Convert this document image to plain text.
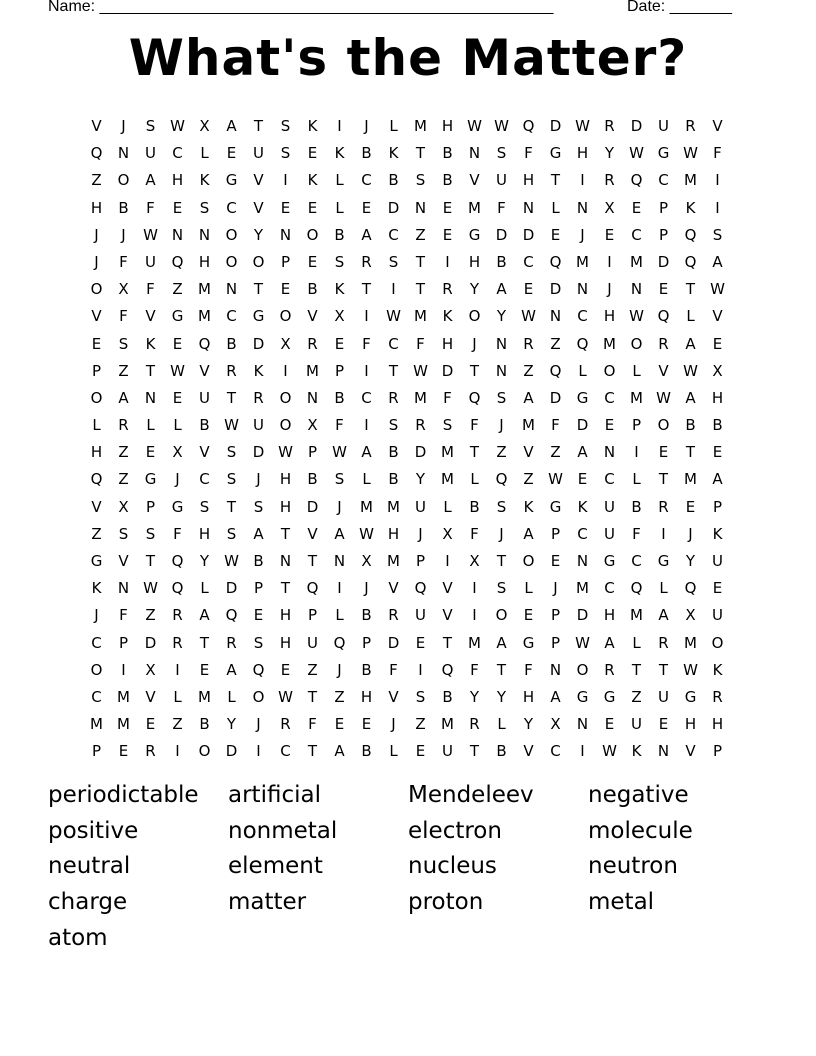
Name: ___________________________________________________	Date: _______
What's the Matter?
V	J	S W X	A	T	S	K	I	J	L	M H W W Q	D W R	D	U	R	V
Q	N	U	C	L	E	U	S	E	K	B	K	T	B	N	S	F	G	H	Y	W G W	F
Z	O	A	H	K	G	V	I	K	L	C	B	S	B	V	U	H	T	I	R	Q	C	M	I
H	B	F	E	S	C	V	E	E	L	E	D	N	E	M	F	N	L	N	X	E	P	K	I
J	J	W N	N	O	Y	N	O	B	A	C	Z	E	G	D	D	E	J	E	C	P	Q	S
J	F	U	Q	H	O	O	P	E	S	R	S	T	I	H	B	C	Q M	I	M D	Q	A
O	X	F	Z	M N	T	E	B	K	T	I	T	R	Y	A	E	D	N	J	N	E	T	W
V	F	V	G M	C	G	O	V	X	I	W M	K	O	Y	W N	C	H W Q	L	V
E	S	K	E	Q	B	D	X	R	E	F	C	F	H	J	N	R	Z	Q M O	R	A	E
P	Z	T	W V	R	K	I	M	P	I	T	W D	T	N	Z	Q	L	O	L	V W X
O	A	N	E	U	T	R	O	N	B	C	R	M	F	Q	S	A	D	G	C	M W A	H
L	R	L	L	B W U	O	X	F	I	S	R	S	F	J	M	F	D	E	P	O	B	B
H	Z	E	X	V	S	D W	P	W A	B	D M	T	Z	V	Z	A	N	I	E	T	E
Q	Z	G	J	C	S	J	H	B	S	L	B	Y	M	L	Q	Z W E	C	L	T	M	A
V	X	P	G	S	T	S	H	D	J	M M	U	L	B	S	K	G	K	U	B	R	E	P
Z	S	S	F	H	S	A	T	V	A W H	J	X	F	J	A	P	C	U	F	I	J	K
G	V	T	Q	Y	W B	N	T	N	X	M	P	I	X	T	O	E	N	G	C	G	Y	U
K	N W Q	L	D	P	T	Q	I	J	V	Q	V	I	S	L	J	M	C	Q	L	Q	E
J	F	Z	R	A	Q	E	H	P	L	B	R	U	V	I	O	E	P	D	H M	A	X	U
C	P	D	R	T	R	S	H	U	Q	P	D	E	T	M	A	G	P	W A	L	R	M O
O	I	X	I	E	A	Q	E	Z	J	B	F	I	Q	F	T	F	N	O	R	T	T	W K
C	M	V	L	M	L	O W T	Z	H	V	S	B	Y	Y	H	A	G	G	Z	U	G	R
M M	E	Z	B	Y	J	R	F	E	E	J	Z	M	R	L	Y	X	N	E	U	E	H	H
P	E	R	I	O	D	I	C	T	A	B	L	E	U	T	B	V	C	I	W K	N	V	P
periodictable artificial	Mendeleev negative
positive	nonmetal	electron	molecule
neutral	element	nucleus	neutron
charge	matter	proton	metal
atom
